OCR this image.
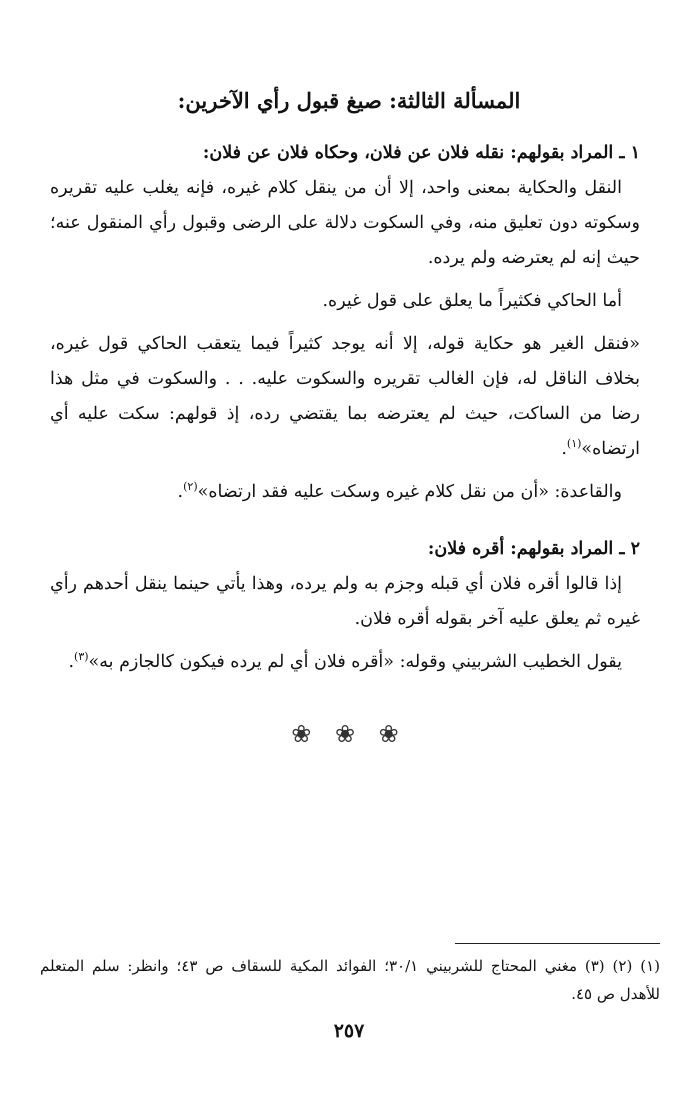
المسألة الثالثة: صيغ قبول رأي الآخرين:
١ ـ المراد بقولهم: نقله فلان عن فلان، وحكاه فلان عن فلان:

النقل والحكاية بمعنى واحد، إلا أن من ينقل كلام غيره، فإنه يغلب عليه تقريره وسكوته دون تعليق منه، وفي السكوت دلالة على الرضى وقبول رأي المنقول عنه؛ حيث إنه لم يعترضه ولم يرده.

أما الحاكي فكثيراً ما يعلق على قول غيره.

«فنقل الغير هو حكاية قوله، إلا أنه يوجد كثيراً فيما يتعقب الحاكي قول غيره، بخلاف الناقل له، فإن الغالب تقريره والسكوت عليه. . . والسكوت في مثل هذا رضا من الساكت، حيث لم يعترضه بما يقتضي رده، إذ قولهم: سكت عليه أي ارتضاه»$^{(١)}$.

والقاعدة: «أن من نقل كلام غيره وسكت عليه فقد ارتضاه»$^{(٢)}$.

٢ ـ المراد بقولهم: أقره فلان:

إذا قالوا أقره فلان أي قبله وجزم به ولم يرده، وهذا يأتي حينما ينقل أحدهم رأي غيره ثم يعلق عليه آخر بقوله أقره فلان.

يقول الخطيب الشربيني وقوله: «أقره فلان أي لم يرده فيكون كالجازم به»$^{(٣)}$.

❀ ❀ ❀
(١) (٢) (٣) مغني المحتاج للشربيني ٣٠/١؛ الفوائد المكية للسقاف ص ٤٣؛ وانظر: سلم المتعلم للأهدل ص ٤٥.
٢٥٧
